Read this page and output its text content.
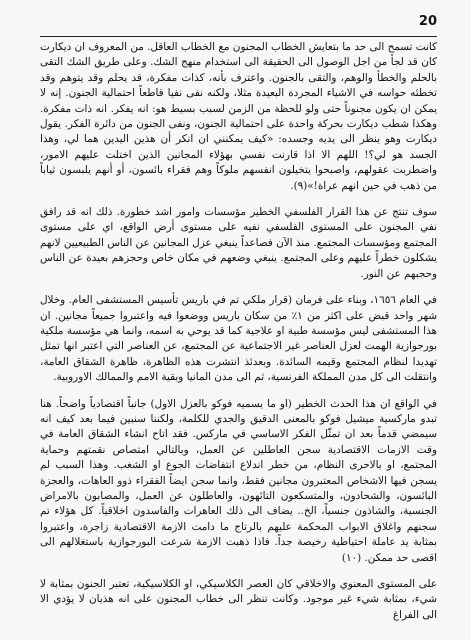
20

كانت تسمح الى حد ما بتعايش الخطاب المجنون مع الخطاب العاقل. من المعروف ان ديكارت كان قد لجأ من اجل الوصول الى الحقيقة الى استخدام منهج الشك. وعلى طريق الشك التقى بالحلم والخطأ والوهم، والتقى بالجنون. واعترف بأنه، كذات مفكرة، قد يحلم وقد يتوهم وقد تخطئه حواسه في الاشياء المجردة البعيدة مثلا، ولكنه نفى نفيا قاطعاً احتمالية الجنون. إنه لا يمكن ان يكون مجنوناً حتى ولو للحظة من الزمن لسبب بسيط هو: انه يفكر. انه ذات مفكرة. وهكذا شطب ديكارت بحركة واحدة على احتمالية الجنون، ونفى الجنون من دائرة الفكر. يقول ديكارت وهو ينظر الى يديه وجسده: «كيف يمكنني ان انكر أن هذين اليدين هما لي، وهذا الجسد هو لي؟! اللهم الا اذا قارنت نفسي بهؤلاء المجانين الذين اختلت عليهم الامور، واضطربت عقولهم، واصبحوا يتخيلون انفسهم ملوكاً وهم فقراء بائسون، أو أنهم يلبسون ثياباً من ذهب في حين انهم عراة!»(٩).

سوف تنتج عن هذا القرار الفلسفي الخطير مؤسسات وامور اشد خطورة. ذلك انه قد رافق نفي المجنون على المستوى الفلسفي نفيه على مستوى أرض الواقع، اي على مستوى المجتمع ومؤسسات المجتمع. منذ الآن فصاعداً ينبغي عزل المجانين عن الناس الطبيعيين لانهم يشكلون خطراً عليهم وعلى المجتمع. ينبغي وضعهم في مكان خاص وحجزهم بعيدة عن الناس وحجبهم عن النور.

في العام ١٦٥٦، وبناء على فرمان (قرار ملكي تم في باريس تأسيس المستشفى العام. وخلال شهر واحد قبض على اكثر من ١٪ من سكان باريس ووضعوا فيه واعتبروا جميعاً مجانين. ان هذا المستشفى ليس مؤسسة طبية او علاجية كما قد يوحي به اسمه، وانما هي مؤسسة ملكية بورجوازية الهمت لعزل العناصر غير الاجتماعية عن المجتمع، عن العناصر التي اعتبر انها تمثل تهديدا لنظام المجتمع وقيمه السائدة. وبعدئذ انتشرت هذه الظاهرة، ظاهرة الشقاق العامة، وانتقلت الى كل مدن المملكة الفرنسية، ثم الى مدن المانيا وبقية الامم والممالك الاوروبية.

في الواقع ان هذا الحدث الخطير (او ما يسميه فوكو بالعزل الاول) جانباً اقتصادياً واضحاً. هنا تبدو ماركسية ميشيل فوكو بالمعنى الدقيق والجدي للكلمة، ولكننا سنبين فيما بعد كيف انه سيمضي قدماً بعد ان تمثّل الفكر الاساسي في ماركس. فقد اتاح انشاء الشقاق العامة في وقت الازمات الاقتصادية سجن العاطلين عن العمل، وبالتالي امتصاص نقمتهم وحماية المجتمع، او بالاحرى النظام، من خطر اندلاع انتفاضات الجوع او الشغب. وهذا السبب لم يسجن فيها الاشخاص المعتبرون مجانين فقط، وانما سجن ايضاً الفقراء ذوو العاهات، والعجزة البائسون، والشحادون، والمتسكعون التائهون، والعاطلون عن العمل، والمصابون بالامراض الجنسية، والشاذون جنسياً، الخ.. يضاف الى ذلك العاهرات والفاسدون اخلاقياً. كل هؤلاء تم سجنهم واغلاق الابواب المحكمة عليهم بالرتاج ما دامت الازمة الاقتصادية زاجرة، واعتبروا بمثابة يد عاملة احتياطية رخيصة جداً. فاذا ذهبت الازمة شرعت البورجوازية باستغلالهم الى اقصى حد ممكن. (١٠)

على المستوى المعنوي والاخلاقي كان العصر الكلاسيكي، او الكلاسيكية، تعتبر الجنون بمثابة لا شيء، بمثابة شيء غير موجود. وكانت تنظر الى خطاب المجنون على انه هذيان لا يؤدي الا الى الفراغ
